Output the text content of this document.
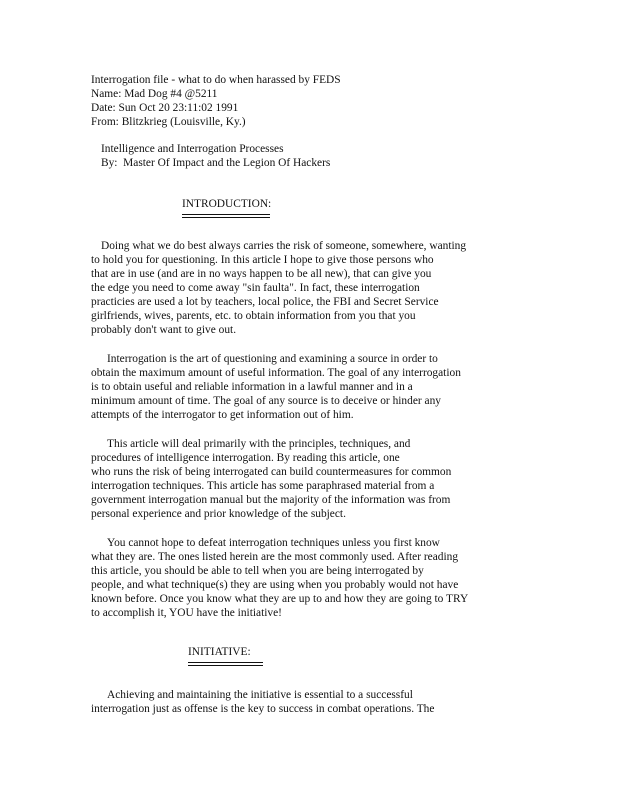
Interrogation file - what to do when harassed by FEDS
Name: Mad Dog #4 @5211
Date: Sun Oct 20 23:11:02 1991
From: Blitzkrieg (Louisville, Ky.)
Intelligence and Interrogation Processes
By:  Master Of Impact and the Legion Of Hackers
INTRODUCTION:
Doing what we do best always carries the risk of someone, somewhere, wanting
to hold you for questioning. In this article I hope to give those persons who
that are in use (and are in no ways happen to be all new), that can give you
the edge you need to come away "sin faulta". In fact, these interrogation
practicies are used a lot by teachers, local police, the FBI and Secret Service
girlfriends, wives, parents, etc. to obtain information from you that you
probably don't want to give out.
Interrogation is the art of questioning and examining a source in order to
obtain the maximum amount of useful information. The goal of any interrogation
is to obtain useful and reliable information in a lawful manner and in a
minimum amount of time. The goal of any source is to deceive or hinder any
attempts of the interrogator to get information out of him.
This article will deal primarily with the principles, techniques, and
procedures of intelligence interrogation. By reading this article, one
who runs the risk of being interrogated can build countermeasures for common
interrogation techniques. This article has some paraphrased material from a
government interrogation manual but the majority of the information was from
personal experience and prior knowledge of the subject.
You cannot hope to defeat interrogation techniques unless you first know
what they are. The ones listed herein are the most commonly used. After reading
this article, you should be able to tell when you are being interrogated by
people, and what technique(s) they are using when you probably would not have
known before. Once you know what they are up to and how they are going to TRY
to accomplish it, YOU have the initiative!
INITIATIVE:
Achieving and maintaining the initiative is essential to a successful
interrogation just as offense is the key to success in combat operations. The
